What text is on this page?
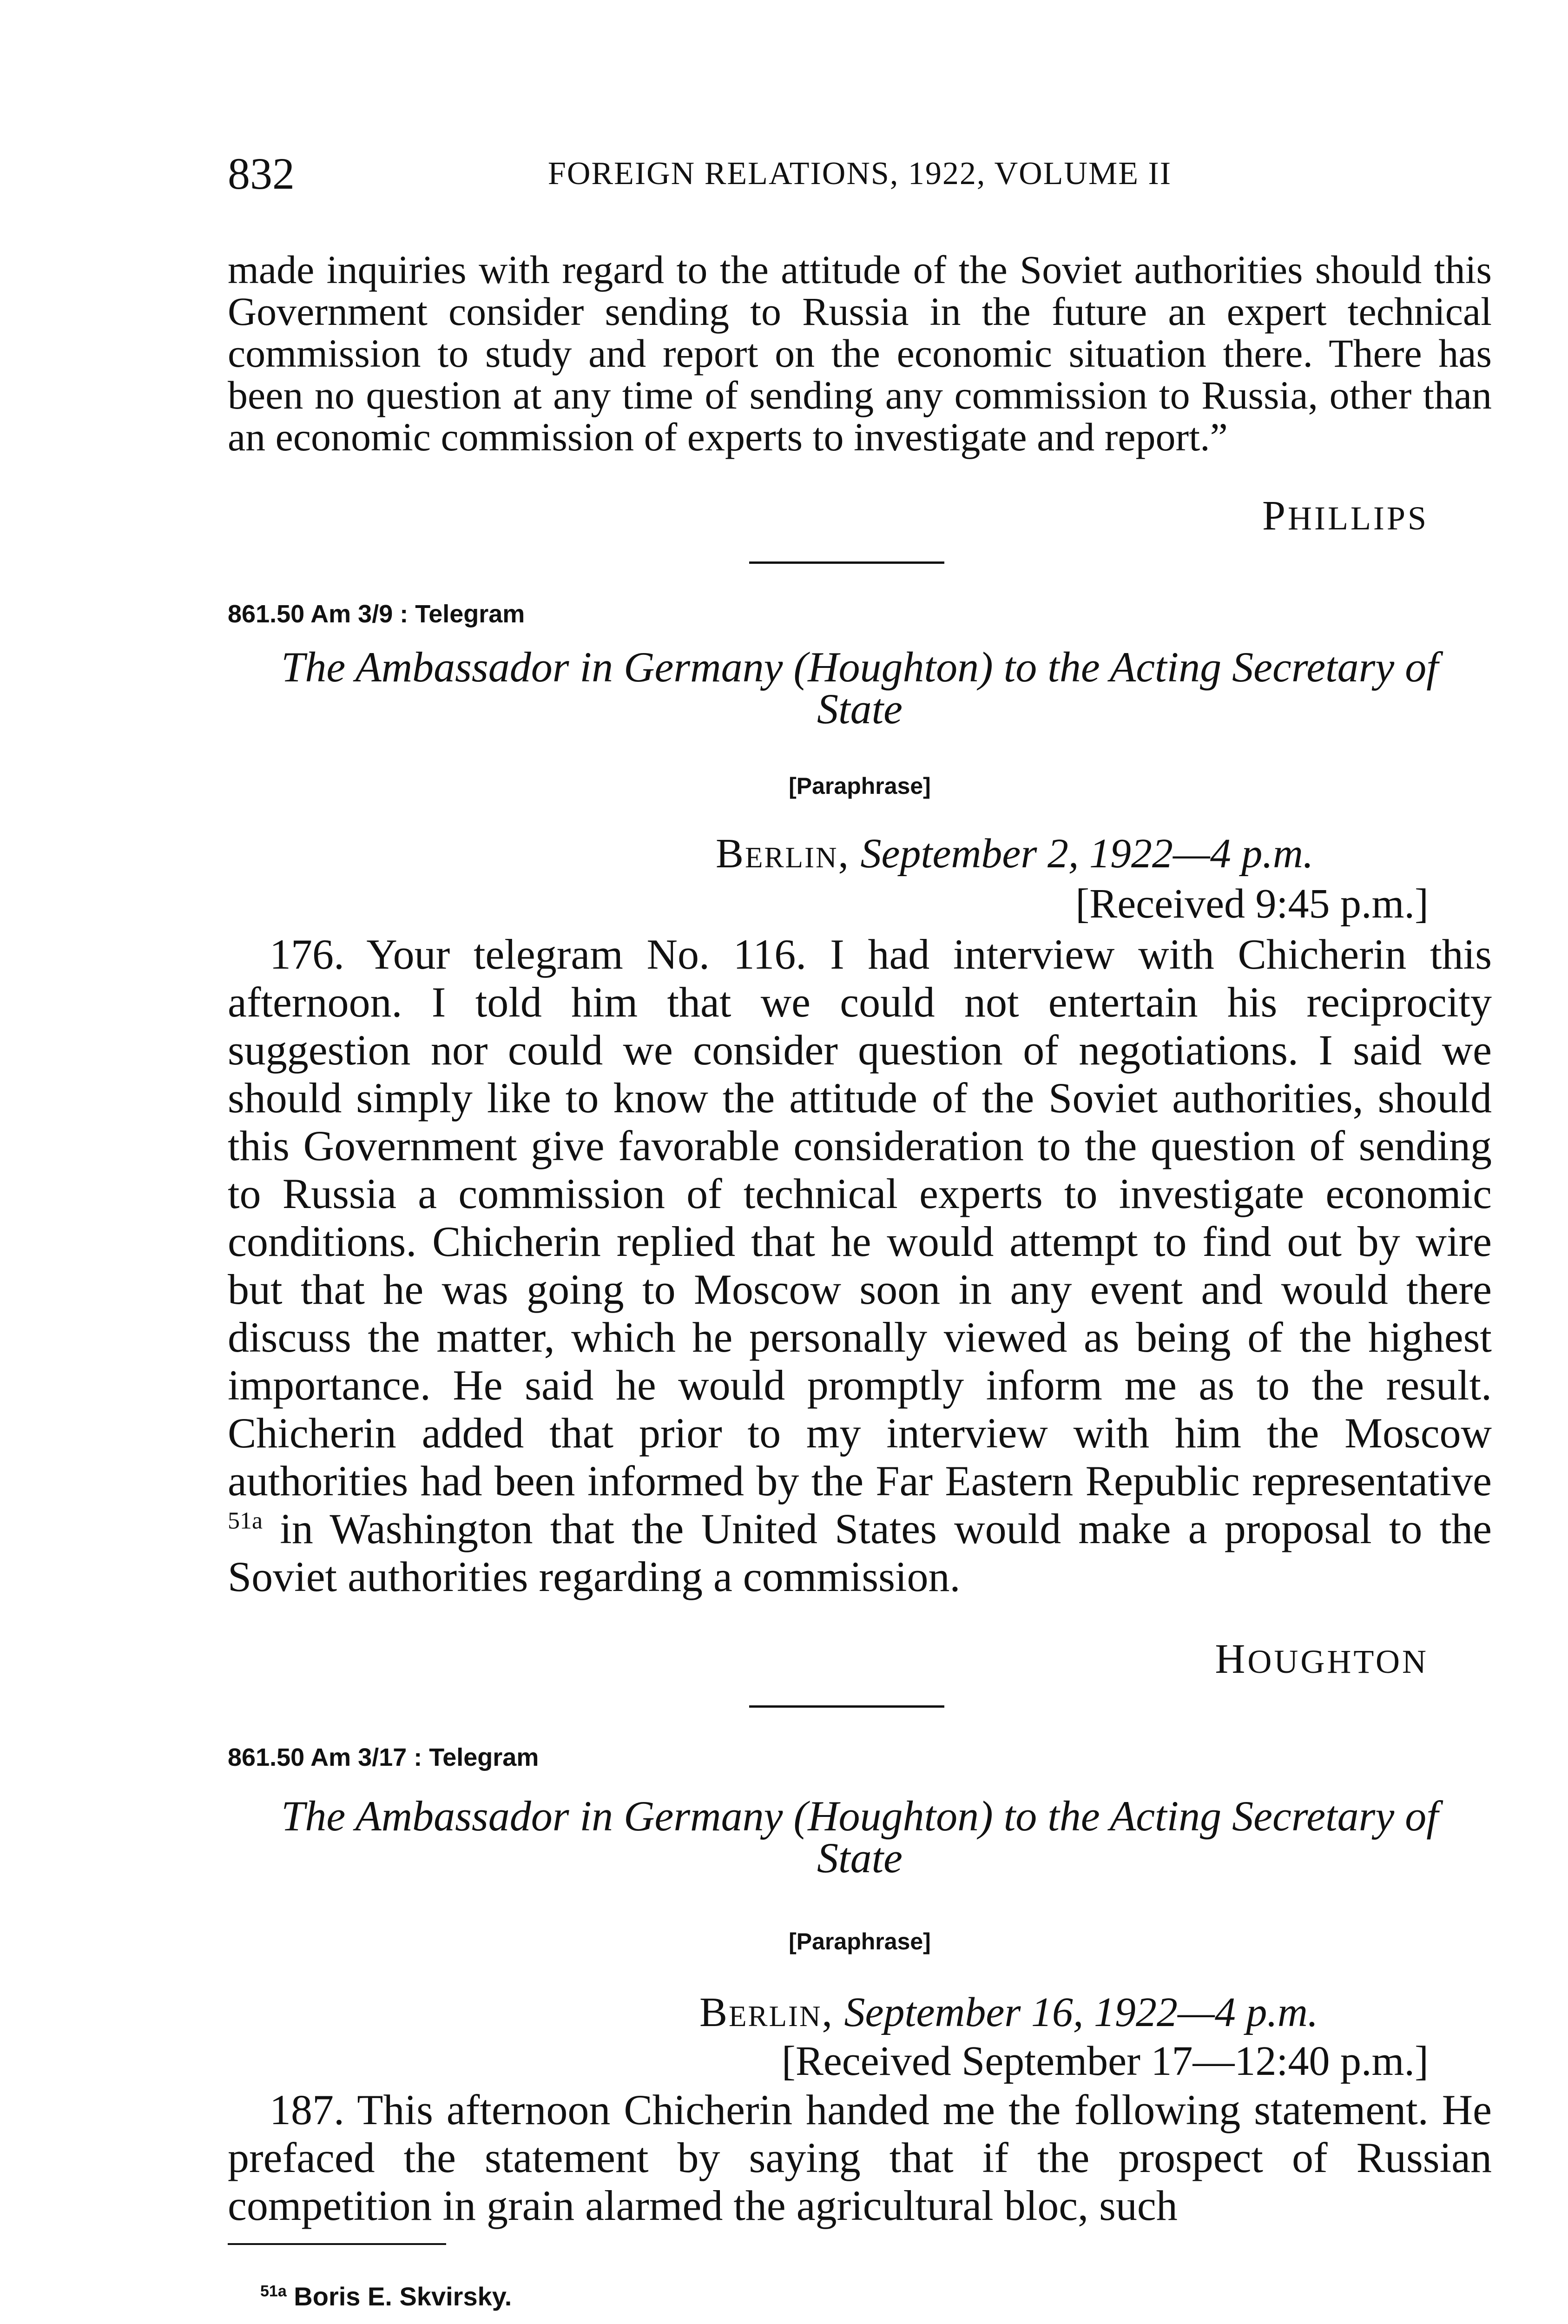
832	FOREIGN RELATIONS, 1922, VOLUME II

made inquiries with regard to the attitude of the Soviet authorities should this Government consider sending to Russia in the future an expert technical commission to study and report on the economic situation there. There has been no question at any time of sending any commission to Russia, other than an economic commission of experts to investigate and report.”

PHILLIPS
861.50 Am 3/9 : Telegram

The Ambassador in Germany (Houghton) to the Acting Secretary of
State

[Paraphrase]
Berlin, September 2, 1922—4 p.m.
[Received 9:45 p.m.]

176. Your telegram No. 116. I had interview with Chicherin this afternoon. I told him that we could not entertain his reciprocity suggestion nor could we consider question of negotiations. I said we should simply like to know the attitude of the Soviet authorities, should this Government give favorable consideration to the question of sending to Russia a commission of technical experts to investigate economic conditions. Chicherin replied that he would attempt to find out by wire but that he was going to Moscow soon in any event and would there discuss the matter, which he personally viewed as being of the highest importance. He said he would promptly inform me as to the result. Chicherin added that prior to my interview with him the Moscow authorities had been informed by the Far Eastern Republic representative $^{51a}$ in Washington that the United States would make a proposal to the Soviet authorities regarding a commission.

HOUGHTON
861.50 Am 3/17 : Telegram

The Ambassador in Germany (Houghton) to the Acting Secretary of
State

[Paraphrase]
Berlin, September 16, 1922—4 p.m.
[Received September 17—12:40 p.m.]

187. This afternoon Chicherin handed me the following statement. He prefaced the statement by saying that if the prospect of Russian competition in grain alarmed the agricultural bloc, such

$^{51a}$ Boris E. Skvirsky.
